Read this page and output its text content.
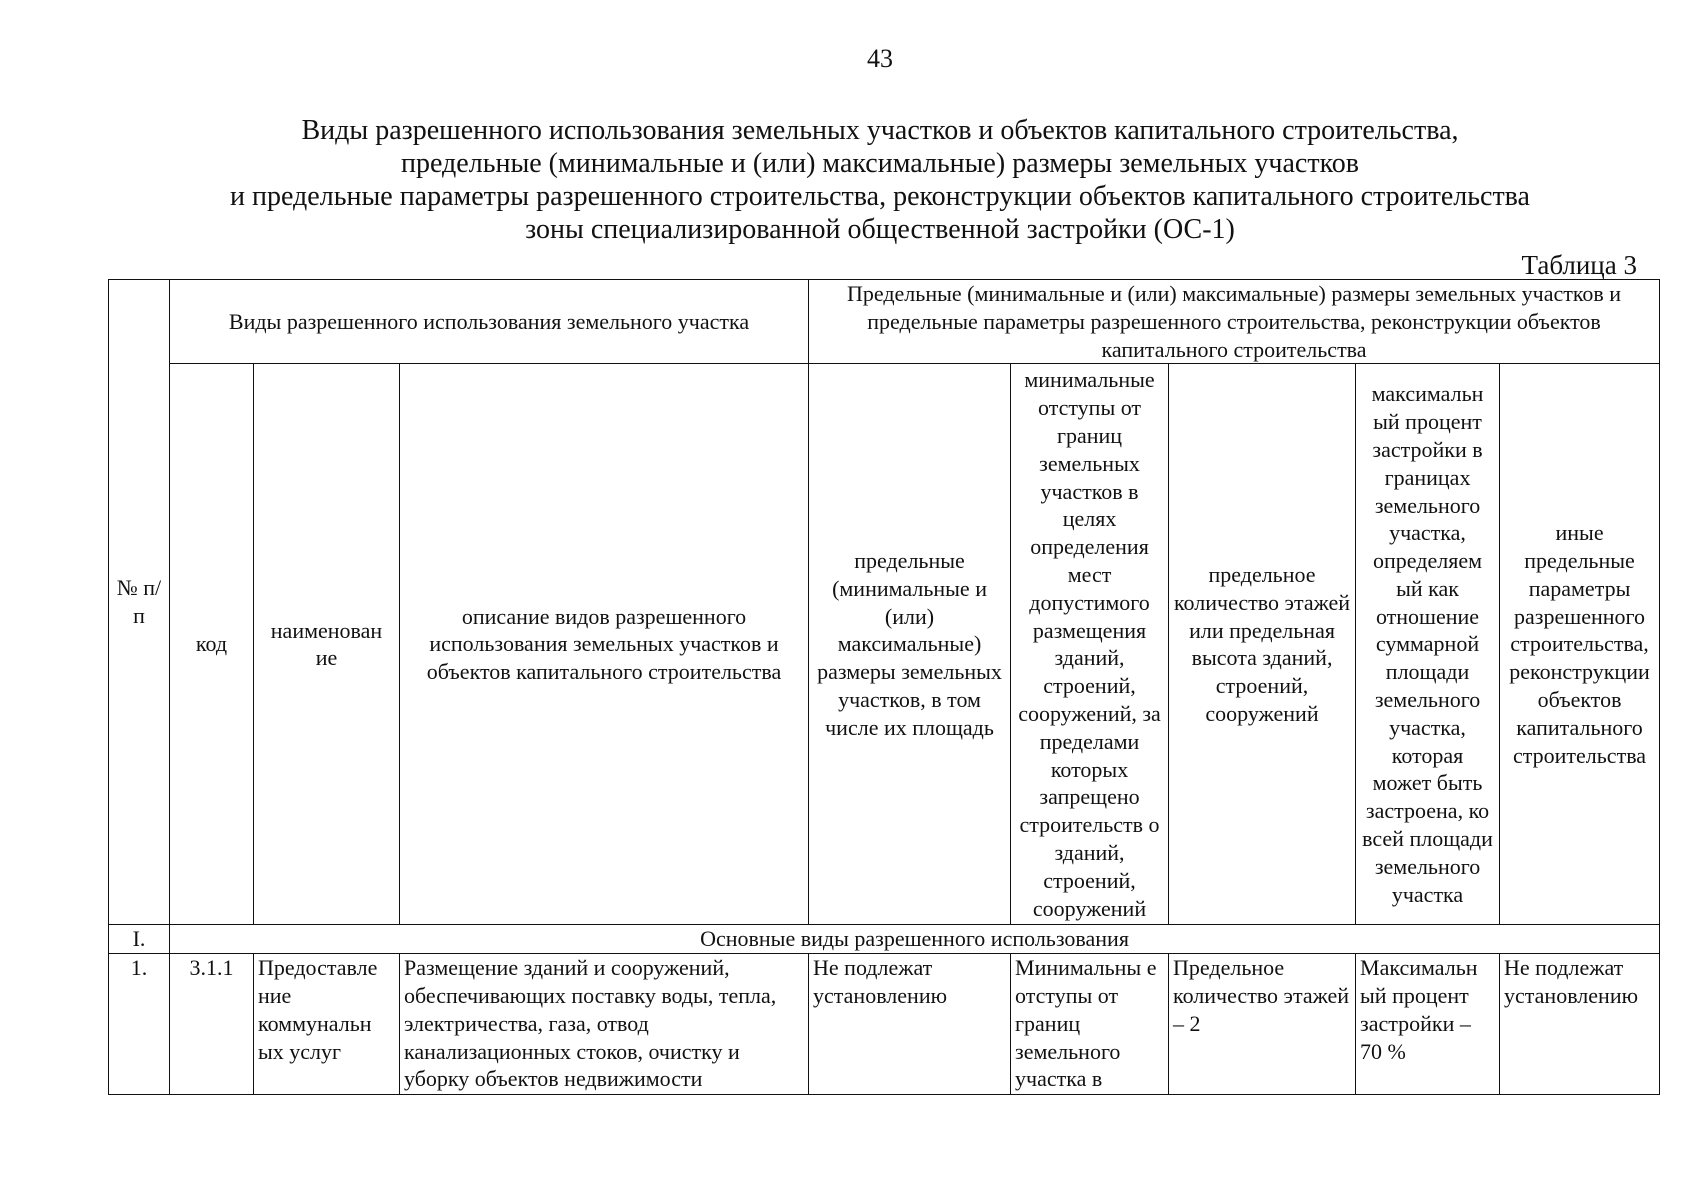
43
Виды разрешенного использования земельных участков и объектов капитального строительства,
предельные (минимальные и (или) максимальные) размеры земельных участков
и предельные параметры разрешенного строительства, реконструкции объектов капитального строительства
зоны специализированной общественной застройки (ОС-1)
Таблица 3
№ п/п	Виды разрешенного использования земельного участка			Предельные (минимальные и (или) максимальные) размеры земельных участков и предельные параметры разрешенного строительства, реконструкции объектов капитального строительства				
	код	наименован ие	описание видов разрешенного использования земельных участков и объектов капитального строительства	предельные (минимальные и (или) максимальные) размеры земельных участков, в том числе их площадь	минимальные отступы от границ земельных участков в целях определения мест допустимого размещения зданий, строений, сооружений, за пределами которых запрещено строительств о зданий, строений, сооружений	предельное количество этажей или предельная высота зданий, строений, сооружений	максимальн ый процент застройки в границах земельного участка, определяем ый как отношение суммарной площади земельного участка, которая может быть застроена, ко всей площади земельного участка	иные предельные параметры разрешенного строительства, реконструкции объектов капитального строительства
I.	Основные виды разрешенного использования							
1.	3.1.1	Предоставле ние коммунальн ых услуг	Размещение зданий и сооружений, обеспечивающих поставку воды, тепла, электричества, газа, отвод канализационных стоков, очистку и уборку объектов недвижимости	Не подлежат установлению	Минимальны е отступы от границ земельного участка в	Предельное количество этажей – 2	Максимальн ый процент застройки – 70 %	Не подлежат установлению
